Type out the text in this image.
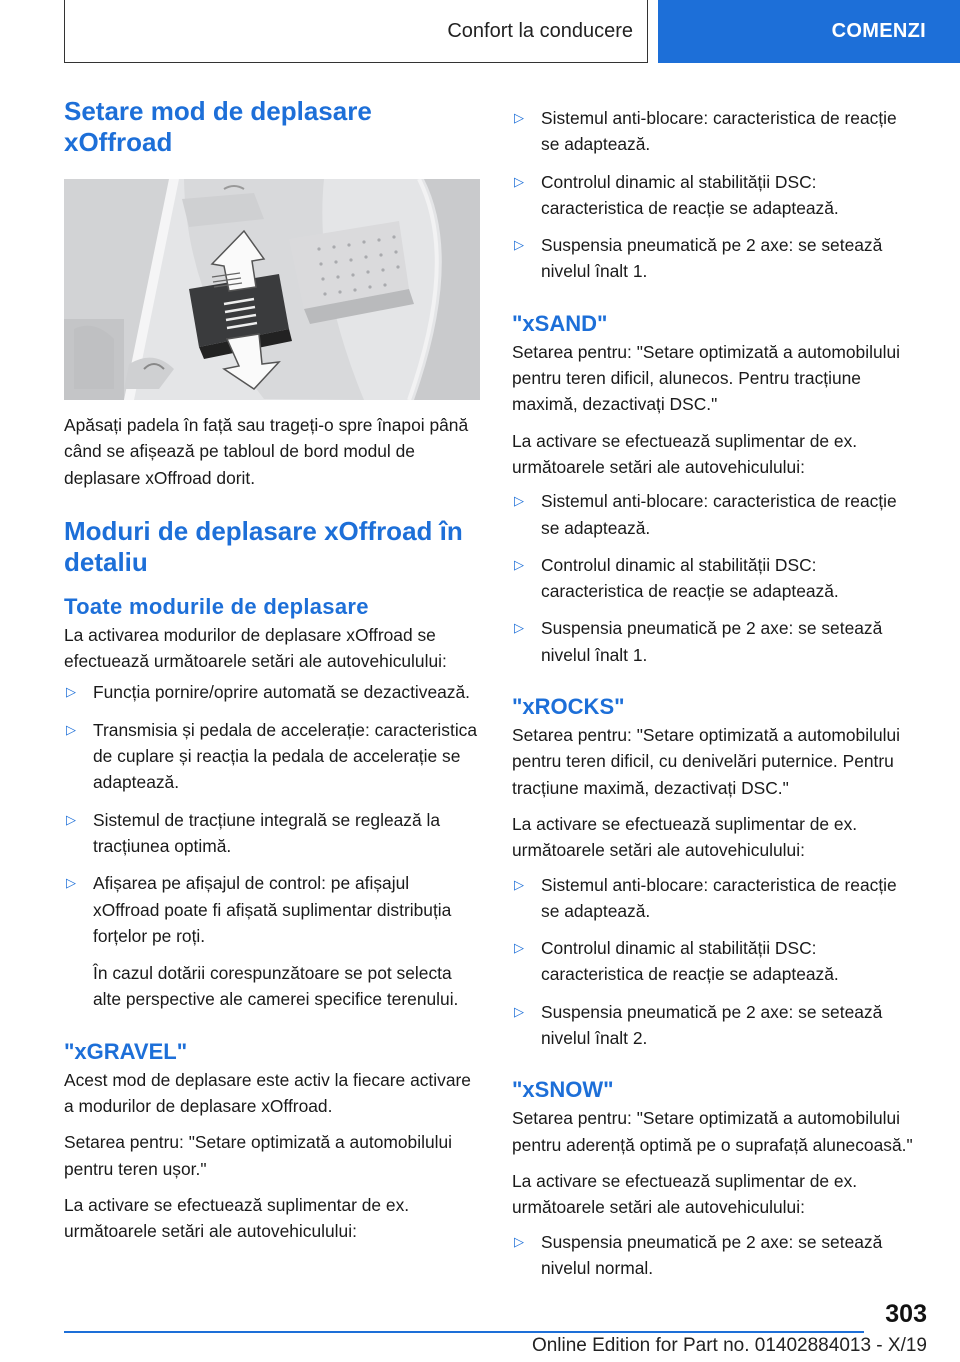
Confort la conducere	COMENZI
Setare mod de deplasare xOffroad

Apăsați padela în față sau trageți-o spre înapoi până când se afișează pe tabloul de bord modul de deplasare xOffroad dorit.

Moduri de deplasare xOffroad în detaliu
Toate modurile de deplasare

La activarea modurilor de deplasare xOffroad se efectuează următoarele setări ale autovehiculului:

▷ Funcția pornire/oprire automată se dezactivează.
▷ Transmisia și pedala de accelerație: caracteristica de cuplare și reacția la pedala de accelerație se adaptează.
▷ Sistemul de tracțiune integrală se reglează la tracțiunea optimă.
▷ Afișarea pe afișajul de control: pe afișajul xOffroad poate fi afișată suplimentar distribuția forțelor pe roți.
În cazul dotării corespunzătoare se pot selecta alte perspective ale camerei specifice terenului.
"xGRAVEL"

Acest mod de deplasare este activ la fiecare activare a modurilor de deplasare xOffroad.

Setarea pentru: "Setare optimizată a automobilului pentru teren ușor."

La activare se efectuează suplimentar de ex. următoarele setări ale autovehiculului:

▷ Sistemul anti-blocare: caracteristica de reacție se adaptează.
▷ Controlul dinamic al stabilității DSC: caracteristica de reacție se adaptează.
▷ Suspensia pneumatică pe 2 axe: se setează nivelul înalt 1.
"xSAND"

Setarea pentru: "Setare optimizată a automobilului pentru teren dificil, alunecos. Pentru tracțiune maximă, dezactivați DSC."

La activare se efectuează suplimentar de ex. următoarele setări ale autovehiculului:

▷ Sistemul anti-blocare: caracteristica de reacție se adaptează.
▷ Controlul dinamic al stabilității DSC: caracteristica de reacție se adaptează.
▷ Suspensia pneumatică pe 2 axe: se setează nivelul înalt 1.
"xROCKS"

Setarea pentru: "Setare optimizată a automobilului pentru teren dificil, cu denivelări puternice. Pentru tracțiune maximă, dezactivați DSC."

La activare se efectuează suplimentar de ex. următoarele setări ale autovehiculului:

▷ Sistemul anti-blocare: caracteristica de reacție se adaptează.
▷ Controlul dinamic al stabilității DSC: caracteristica de reacție se adaptează.
▷ Suspensia pneumatică pe 2 axe: se setează nivelul înalt 2.
"xSNOW"

Setarea pentru: "Setare optimizată a automobilului pentru aderență optimă pe o suprafață alunecoasă."

La activare se efectuează suplimentar de ex. următoarele setări ale autovehiculului:

▷ Suspensia pneumatică pe 2 axe: se setează nivelul normal.
303
Online Edition for Part no. 01402884013 - X/19
